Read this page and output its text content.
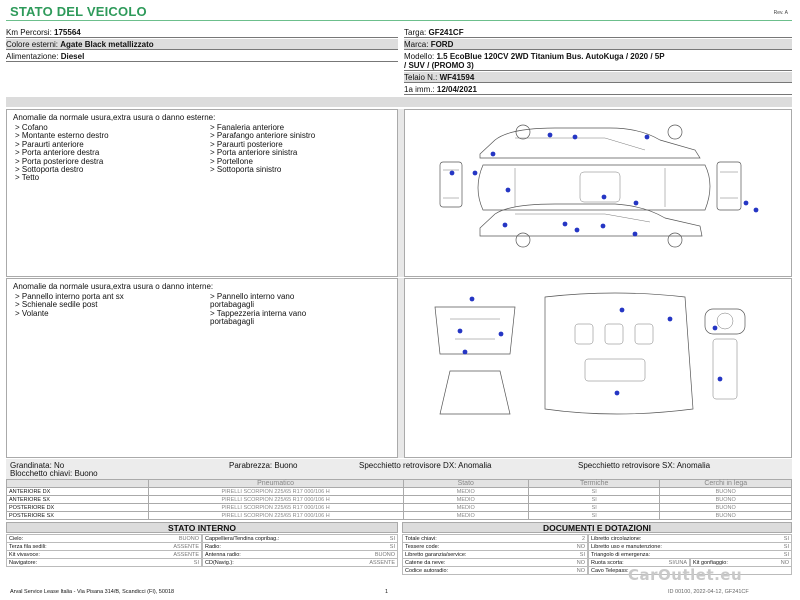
STATO DEL VEICOLO	Rev. A
Km Percorsi: 175564
Colore esterni: Agate Black metallizzato
Alimentazione: Diesel
Targa: GF241CF
Marca: FORD
Modello: 1.5 EcoBlue 120CV 2WD Titanium Bus. AutoKuga / 2020 / 5P
/ SUV / (PROMO 3)
Telaio N.: WF41594
1a imm.: 12/04/2021
Anomalie da normale usura,extra usura o danno esterne:
> Cofano
> Montante esterno destro
> Paraurti anteriore
> Porta anteriore destra
> Porta posteriore destra
> Sottoporta destro
> Tetto
> Fanaleria anteriore
> Parafango anteriore sinistro
> Paraurti posteriore
> Porta anteriore sinistra
> Portellone
> Sottoporta sinistro
Anomalie da normale usura,extra usura o danno interne:
> Pannello interno porta ant sx
> Schienale sedile post
> Volante
> Pannello interno vano
portabagagli
> Tappezzeria interna vano
portabagagli
Grandinata: No
Blocchetto chiavi: Buono
Parabrezza: Buono	Specchietto retrovisore DX: Anomalia	Specchietto retrovisore SX: Anomalia
	Pneumatico	Stato	Termiche	Cerchi in lega
ANTERIORE DX	PIRELLI SCORPION 225/65 R17 000/106 H	MEDIO	SI	BUONO
ANTERIORE SX	PIRELLI SCORPION 225/65 R17 000/106 H	MEDIO	SI	BUONO
POSTERIORE DX	PIRELLI SCORPION 225/65 R17 000/106 H	MEDIO	SI	BUONO
POSTERIORE SX	PIRELLI SCORPION 225/65 R17 000/106 H	MEDIO	SI	BUONO
STATO INTERNO
Cielo:	BUONO	Cappelliera/Tendina copribag.:	SI
Terza fila sedili:	ASSENTE	Radio:	SI
Kit vivavoce:	ASSENTE	Antenna radio:	BUONO
Navigatore:	SI	CD(Navig.):	ASSENTE
DOCUMENTI E DOTAZIONI
Totale chiavi:	2	Libretto circolazione:	SI
Tessere code:	NO	Libretto uso e manutenzione:	SI
Libretto garanzia/service:	SI	Triangolo di emergenza:	SI
Catene da neve:	NO	Ruota scorta:	SI/UNA	Kit gonfiaggio:	NO
Codice autoradio:	NO	Cavo Telepass:
Arval Service Lease Italia - Via Pisana 314/B, Scandicci (FI), 50018	1	ID 00100, 2022-04-12, GF241CF
CarOutlet.eu
